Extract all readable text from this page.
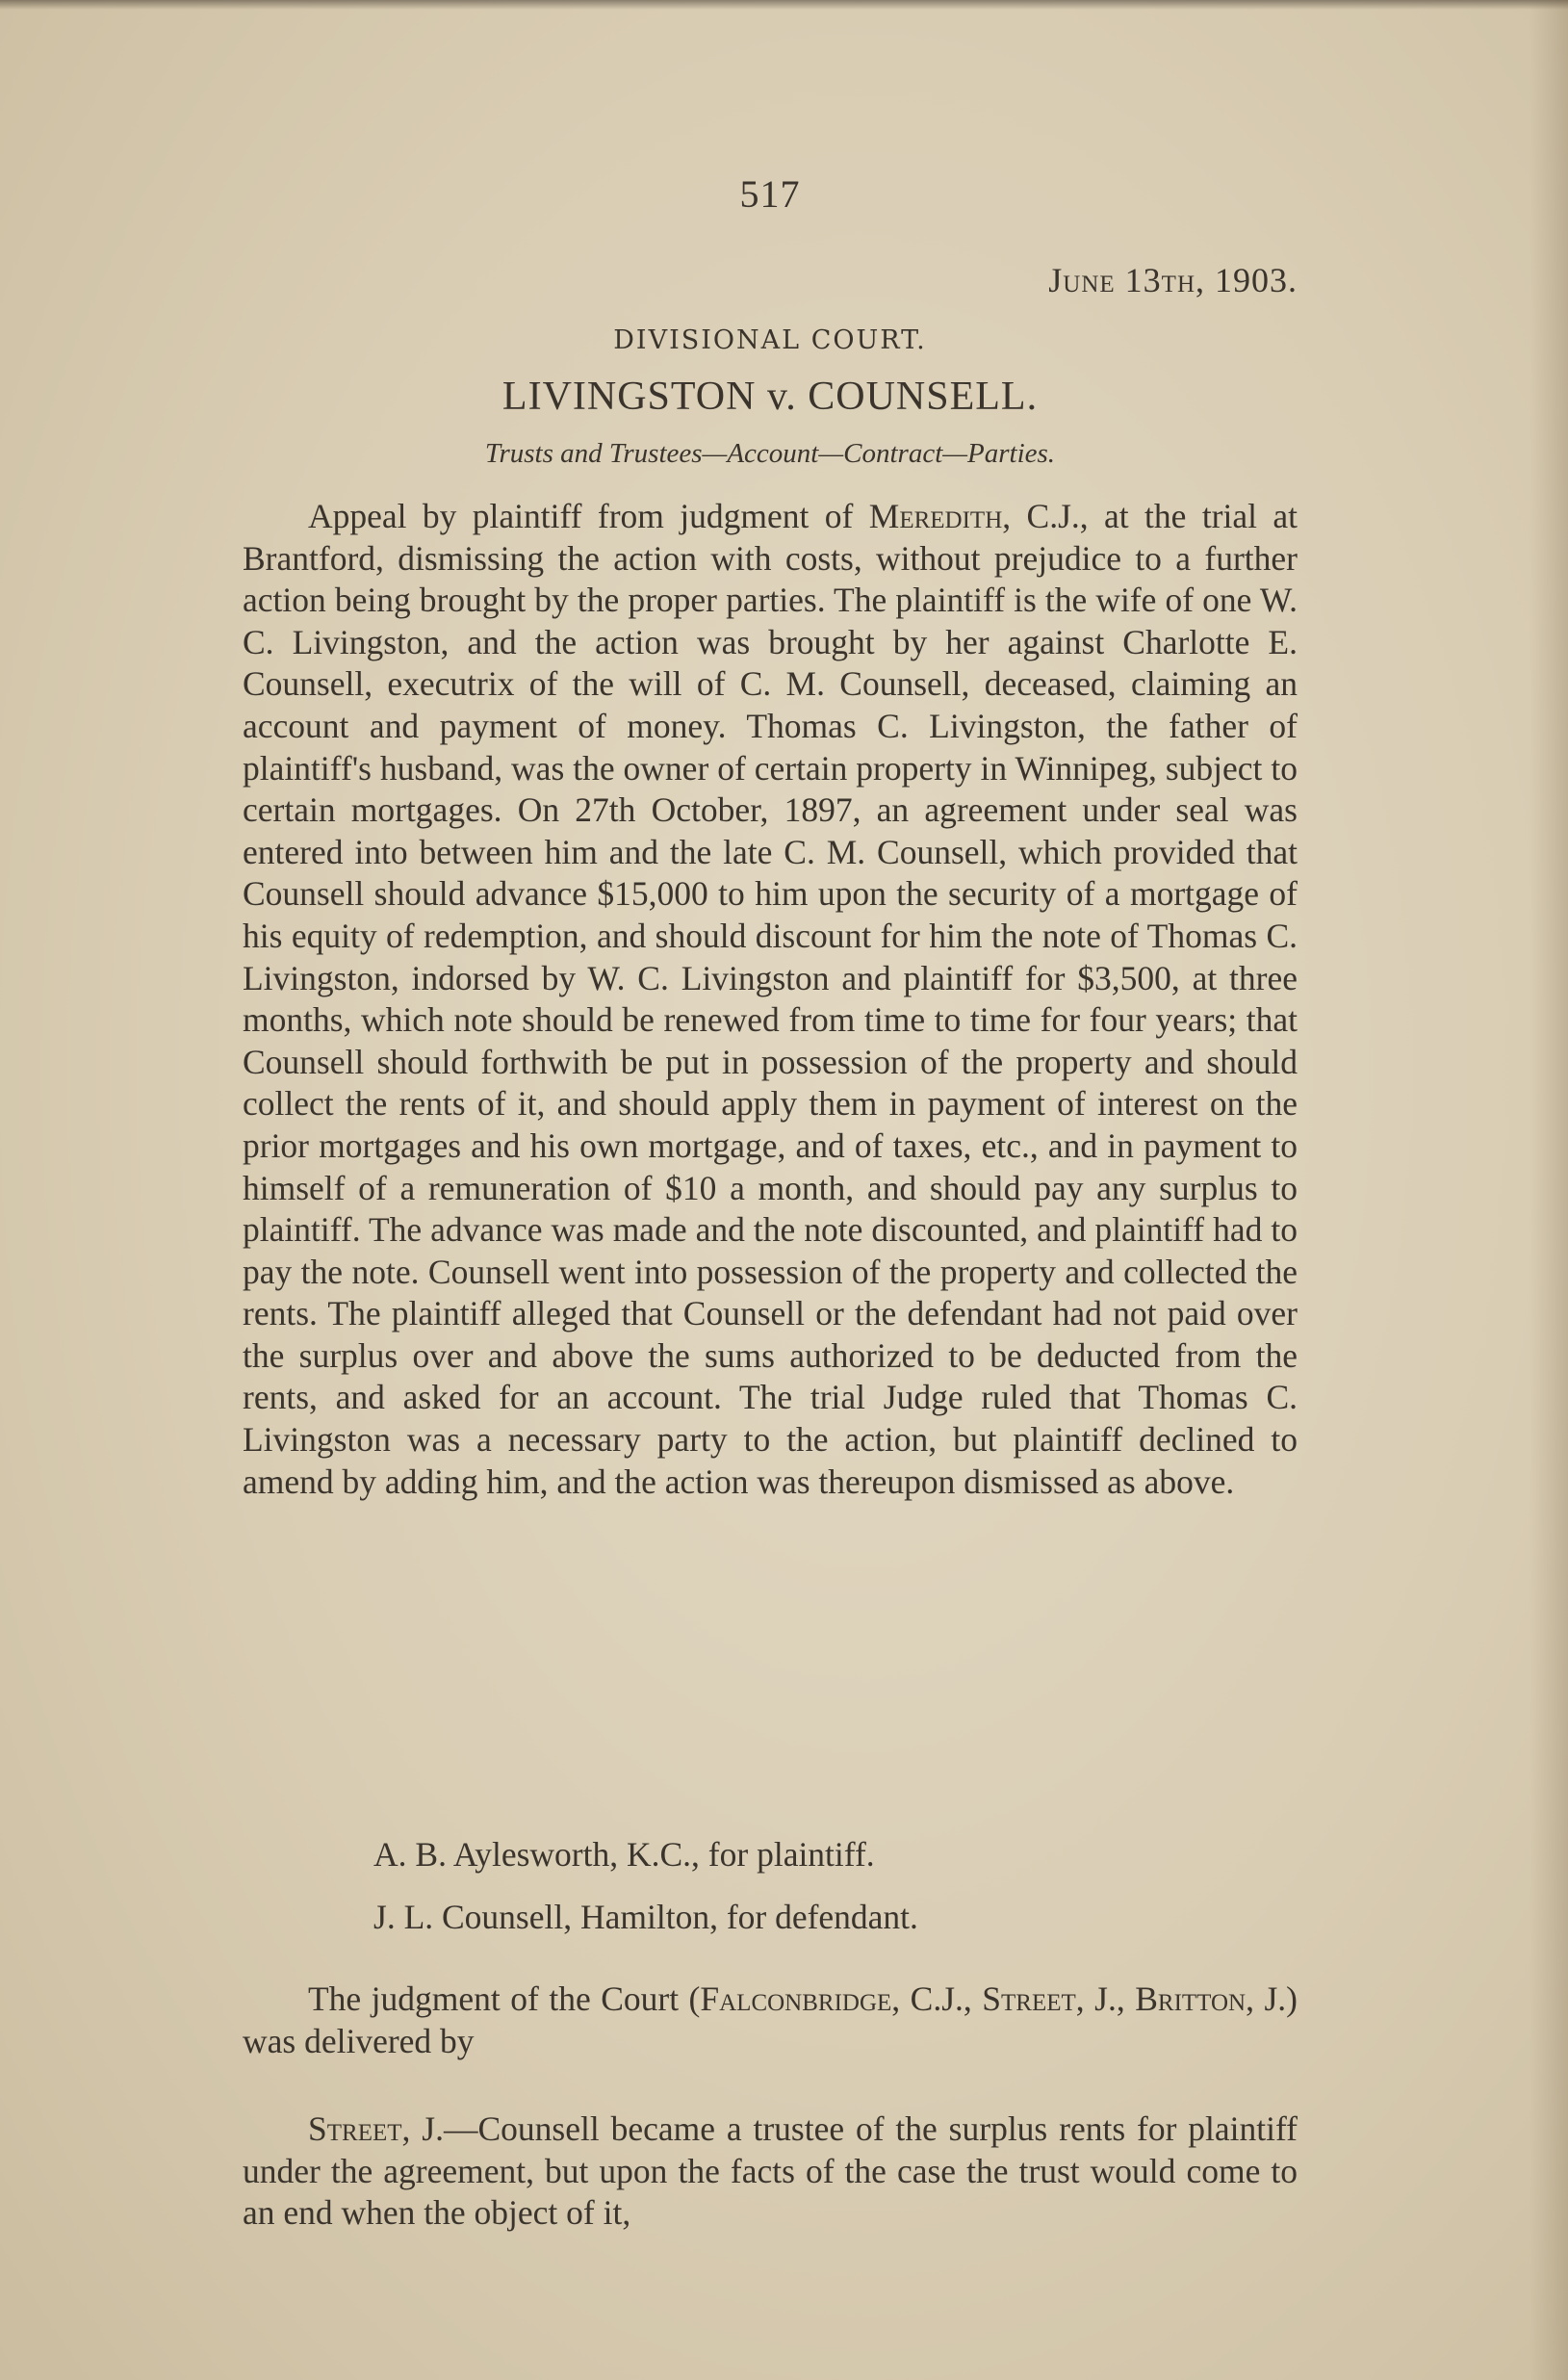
517
June 13th, 1903.
DIVISIONAL COURT.
LIVINGSTON v. COUNSELL.
Trusts and Trustees—Account—Contract—Parties.

Appeal by plaintiff from judgment of Meredith, C.J., at the trial at Brantford, dismissing the action with costs, without prejudice to a further action being brought by the proper parties. The plaintiff is the wife of one W. C. Livingston, and the action was brought by her against Charlotte E. Counsell, executrix of the will of C. M. Counsell, deceased, claiming an account and payment of money. Thomas C. Livingston, the father of plaintiff's husband, was the owner of certain property in Winnipeg, subject to certain mortgages. On 27th October, 1897, an agreement under seal was entered into between him and the late C. M. Counsell, which provided that Counsell should advance $15,000 to him upon the security of a mortgage of his equity of redemption, and should discount for him the note of Thomas C. Livingston, indorsed by W. C. Livingston and plaintiff for $3,500, at three months, which note should be renewed from time to time for four years; that Counsell should forthwith be put in possession of the property and should collect the rents of it, and should apply them in payment of interest on the prior mortgages and his own mortgage, and of taxes, etc., and in payment to himself of a remuneration of $10 a month, and should pay any surplus to plaintiff. The advance was made and the note discounted, and plaintiff had to pay the note. Counsell went into possession of the property and collected the rents. The plaintiff alleged that Counsell or the defendant had not paid over the surplus over and above the sums authorized to be deducted from the rents, and asked for an account. The trial Judge ruled that Thomas C. Livingston was a necessary party to the action, but plaintiff declined to amend by adding him, and the action was thereupon dismissed as above.

A. B. Aylesworth, K.C., for plaintiff.

J. L. Counsell, Hamilton, for defendant.

The judgment of the Court (Falconbridge, C.J., Street, J., Britton, J.) was delivered by

Street, J.—Counsell became a trustee of the surplus rents for plaintiff under the agreement, but upon the facts of the case the trust would come to an end when the object of it,
